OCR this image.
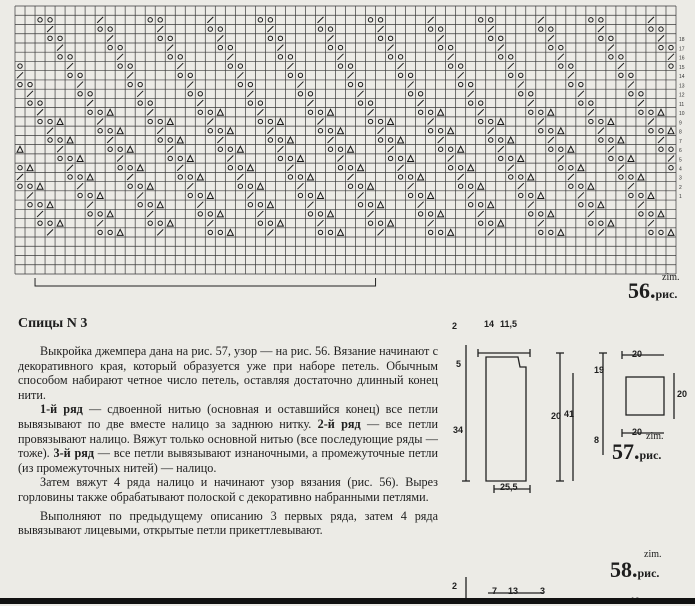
18
17
16
15
14
13
12
11
10
9
8
7
6
5
4
3
2
1
zim.
56.рис.
Спицы N 3

Выкройка джемпера дана на рис. 57, узор — на рис. 56. Вязание начинают с декоративного края, который образуется уже при наборе петель. Обычным способом набирают четное число петель, оставляя достаточно длинный конец нити.

1-й ряд — сдвоенной нитью (основная и оставшийся конец) все петли вывязывают по две вместе налицо за заднюю нитку. 2-й ряд — все петли провязывают налицо. Вяжут только основной нитью (все последующие ряды — тоже). 3-й ряд — все петли вывязывают изнаночными, а промежуточные петли (из промежуточных нитей) — налицо.

Затем вяжут 4 ряда налицо и начинают узор вязания (рис. 56). Вырез горловины также обрабатывают полоской с декоративно набранными петлями.

Выполняют по предыдущему описанию 3 первых ряда, затем 4 ряда вывязывают лицевыми, открытые петли прикеттлевывают.

14 11,5
2
5
34
20 41
19
8
25,5
20
20
20 zim.
57.рис.
zim.
58.рис.
2	7 13 3
